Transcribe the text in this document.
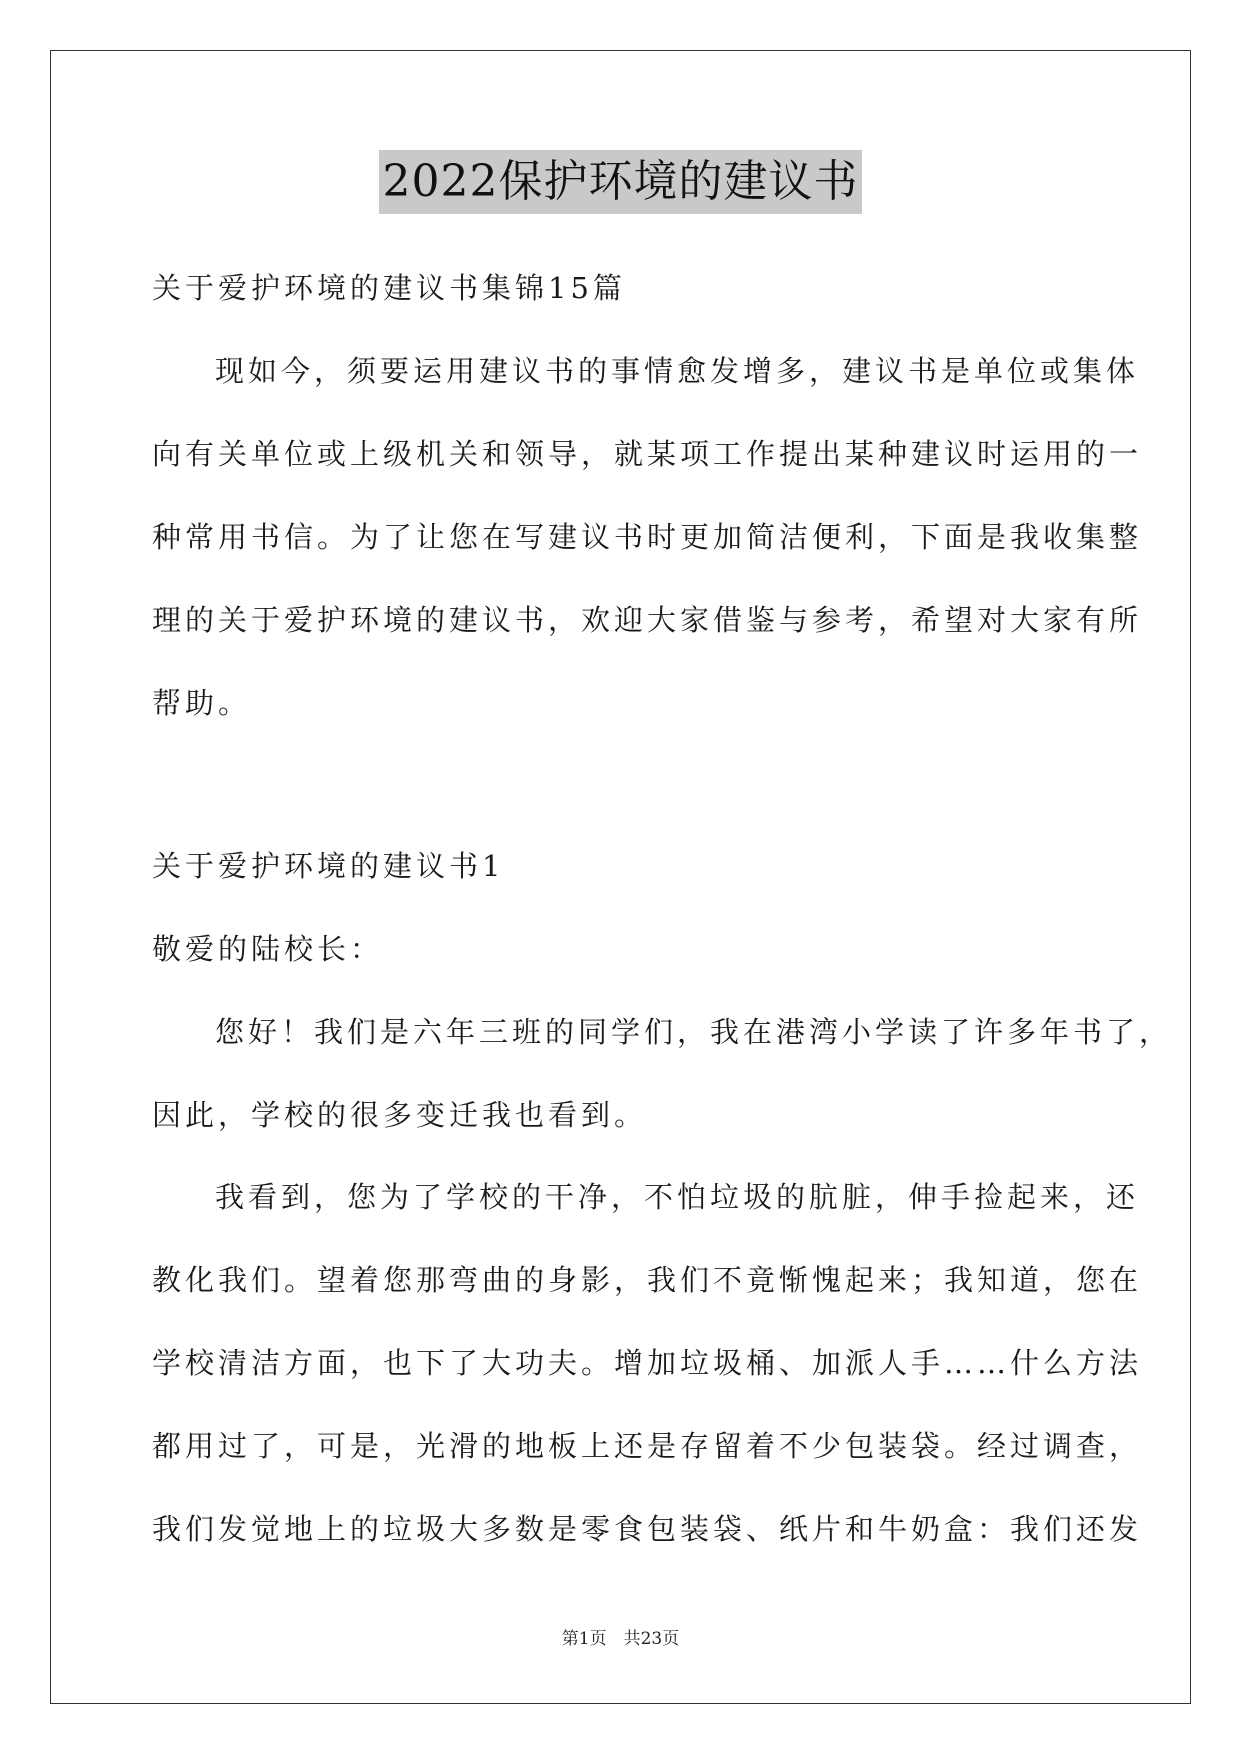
2022保护环境的建议书
关于爱护环境的建议书集锦15篇
现如今，须要运用建议书的事情愈发增多，建议书是单位或集体
向有关单位或上级机关和领导，就某项工作提出某种建议时运用的一
种常用书信。为了让您在写建议书时更加简洁便利，下面是我收集整
理的关于爱护环境的建议书，欢迎大家借鉴与参考，希望对大家有所
帮助。
关于爱护环境的建议书1
敬爱的陆校长：
您好！我们是六年三班的同学们，我在港湾小学读了许多年书了，
因此，学校的很多变迁我也看到。
我看到，您为了学校的干净，不怕垃圾的肮脏，伸手捡起来，还
教化我们。望着您那弯曲的身影，我们不竟惭愧起来；我知道，您在
学校清洁方面，也下了大功夫。增加垃圾桶、加派人手……什么方法
都用过了，可是，光滑的地板上还是存留着不少包装袋。经过调查，
我们发觉地上的垃圾大多数是零食包装袋、纸片和牛奶盒：我们还发
第1页　共23页
